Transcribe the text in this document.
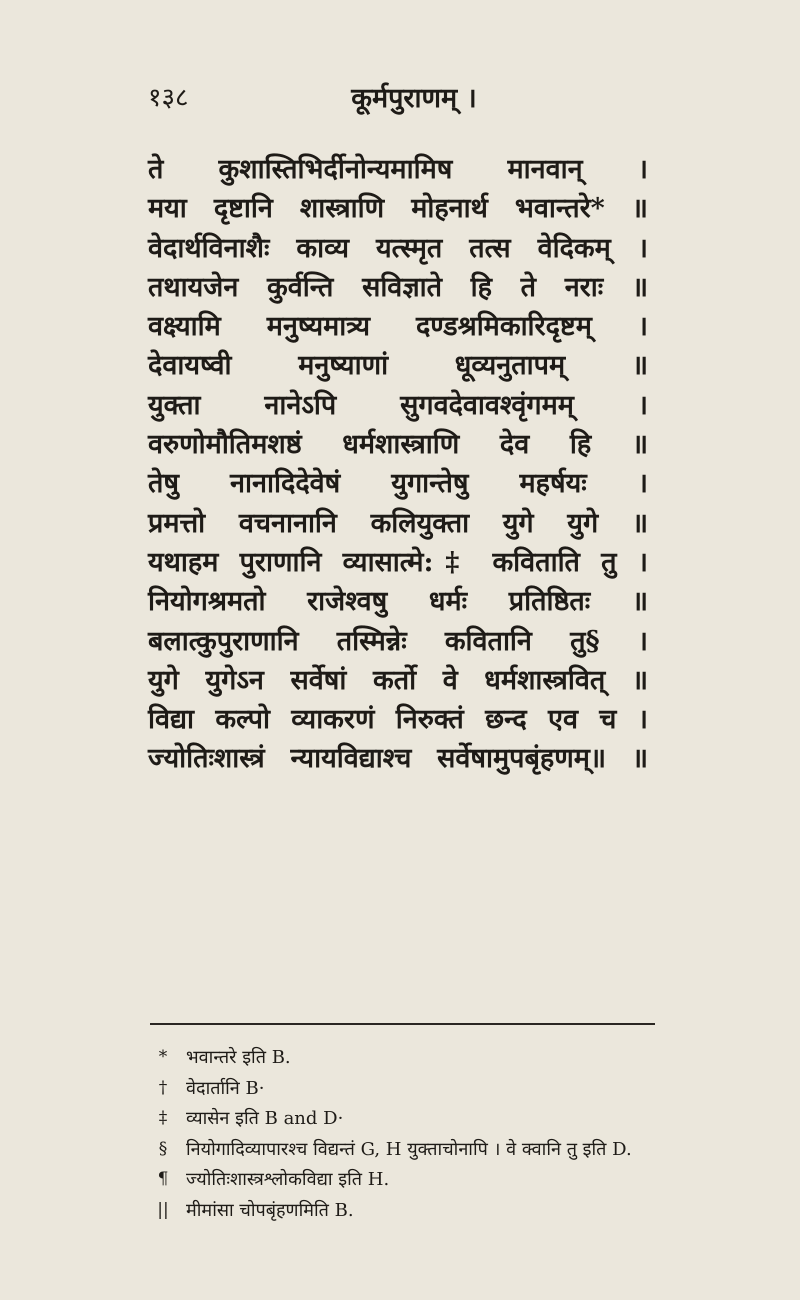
१३८	कूर्मपुराणम् ।
ते कुशास्तिभिर्दीनोन्यमामिष मानवान् ।
मया दृष्टानि शास्त्राणि मोहनार्थ भवान्तरे* ॥
वेदार्थविनाशैः काव्य यत्स्मृत तत्स वेदिकम् ।
तथायजेन कुर्वन्ति सविज्ञाते हि ते नराः ॥
वक्ष्यामि मनुष्यमात्र्य दण्डश्रमिकारिदृष्टम् ।
देवायष्वी मनुष्याणां धूव्यनुतापम् ॥
युक्ता नानेऽपि सुगवदेवावश्वृंगमम् ।
वरुणोमौतिमशष्ठं धर्मशास्त्राणि देव हि ॥
तेषु नानादिदेवेषं युगान्तेषु महर्षयः ।
प्रमत्तो वचनानानि कलियुक्ता युगे युगे ॥
यथाहम पुराणानि व्यासात्मे:‡ कविताति तु ।
नियोगश्रमतो राजेश्वषु धर्मः प्रतिष्ठितः ॥
बलात्कुपुराणानि तस्मिन्नेः कवितानि तु§ ।
युगे युगेऽन सर्वेषां कर्तो वे धर्मशास्त्रवित् ॥
विद्या कल्पो व्याकरणं निरुक्तं छन्द एव च ।
ज्योतिःशास्त्रं न्यायविद्याश्च सर्वेषामुपबृंहणम्॥ ॥
*	भवान्तरे इति B.
†	वेदार्तानि B·
‡	व्यासेन इति B and D·
§	नियोगादिव्यापारश्च विद्यन्तं G, H युक्ताचोनापि । वे क्वानि तु इति D.
¶ ज्योतिःशास्त्रश्लोकविद्या इति H.
|| मीमांसा चोपबृंहणमिति B.
